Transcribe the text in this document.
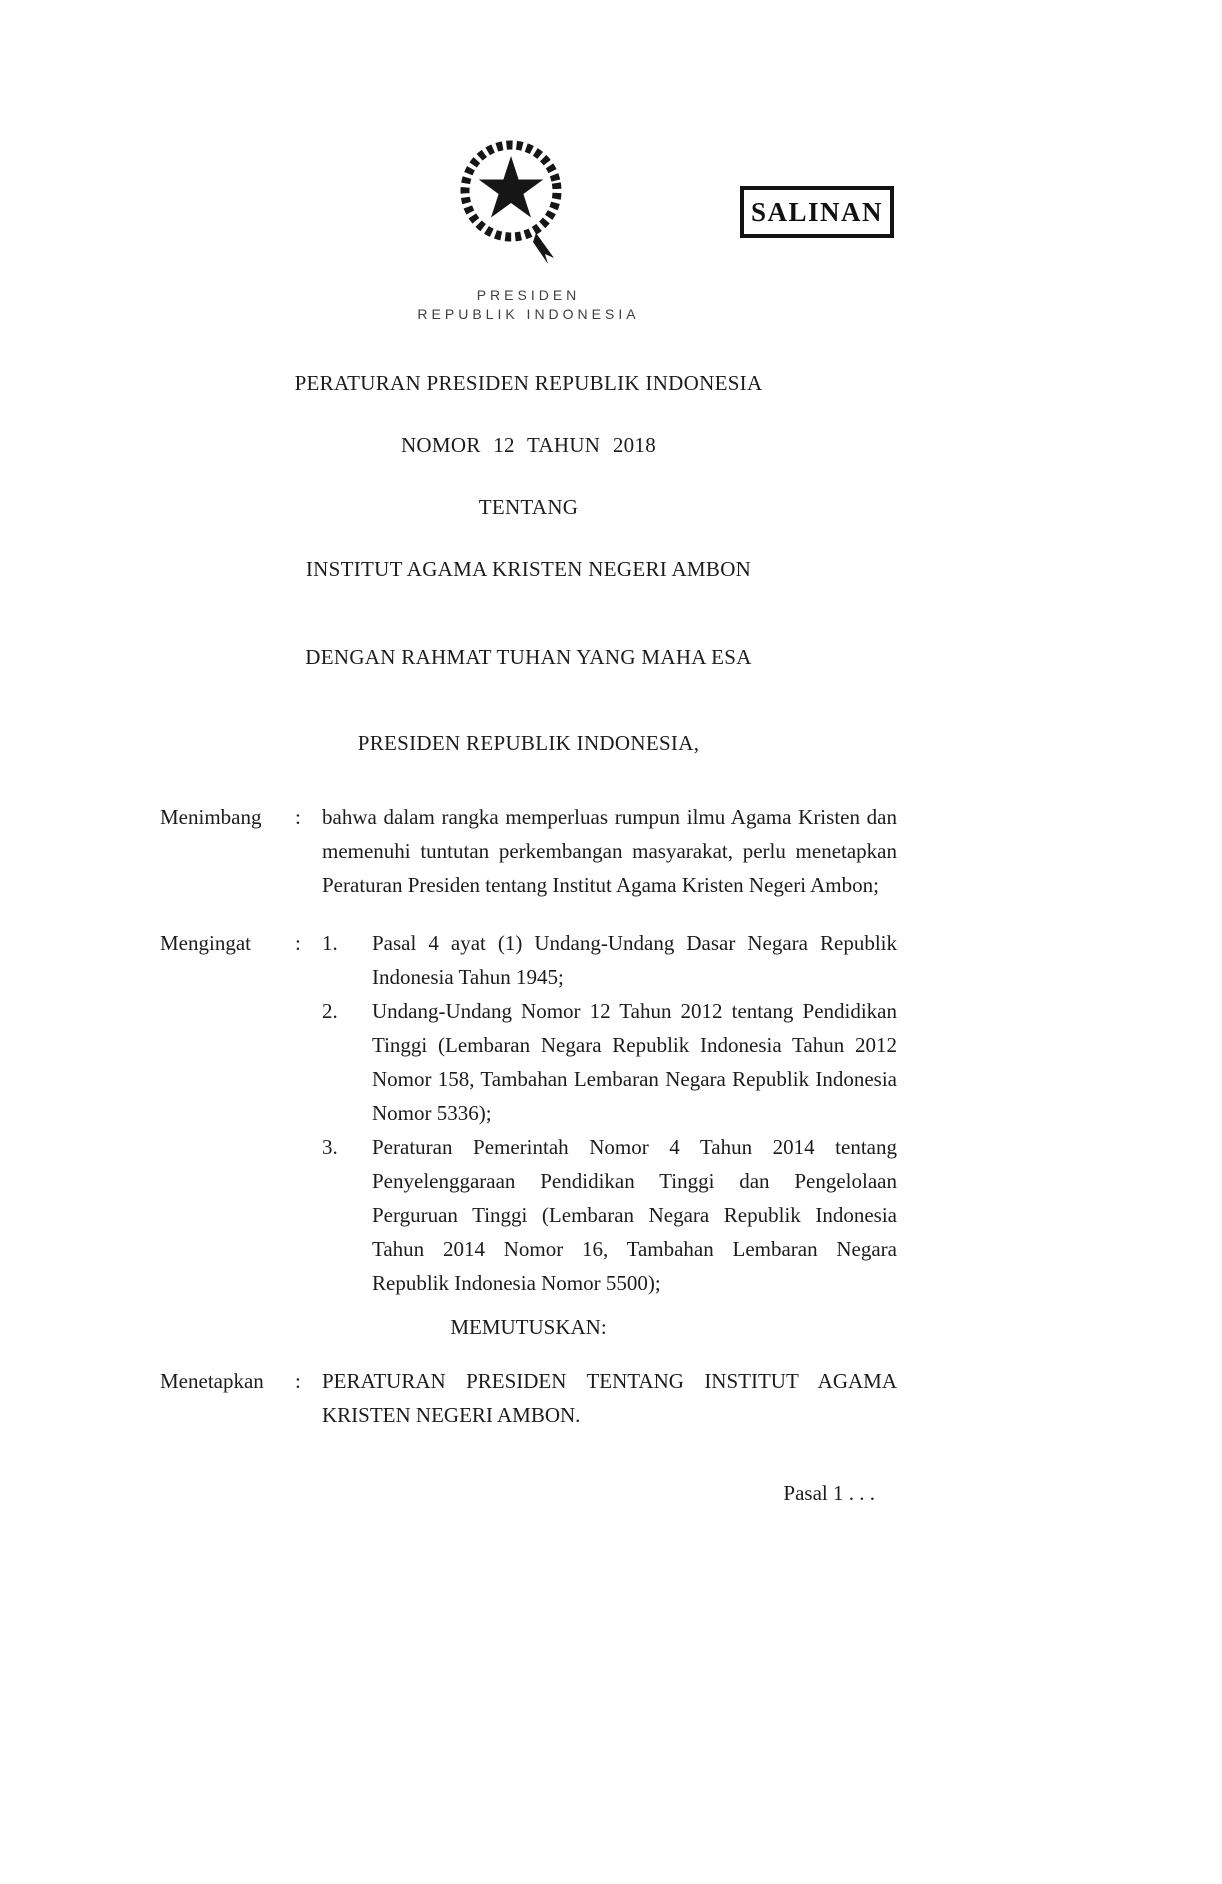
SALINAN
PRESIDEN
REPUBLIK INDONESIA
PERATURAN PRESIDEN REPUBLIK INDONESIA
NOMOR 12 TAHUN 2018
TENTANG
INSTITUT AGAMA KRISTEN NEGERI AMBON
DENGAN RAHMAT TUHAN YANG MAHA ESA
PRESIDEN REPUBLIK INDONESIA,
Menimbang	:	bahwa dalam rangka memperluas rumpun ilmu Agama Kristen dan memenuhi tuntutan perkembangan masyarakat, perlu menetapkan Peraturan Presiden tentang Institut Agama Kristen Negeri Ambon;
Mengingat	:	1.	Pasal 4 ayat (1) Undang-Undang Dasar Negara Republik Indonesia Tahun 1945;
2.	Undang-Undang Nomor 12 Tahun 2012 tentang Pendidikan Tinggi (Lembaran Negara Republik Indonesia Tahun 2012 Nomor 158, Tambahan Lembaran Negara Republik Indonesia Nomor 5336);
3.	Peraturan Pemerintah Nomor 4 Tahun 2014 tentang Penyelenggaraan Pendidikan Tinggi dan Pengelolaan Perguruan Tinggi (Lembaran Negara Republik Indonesia Tahun 2014 Nomor 16, Tambahan Lembaran Negara Republik Indonesia Nomor 5500);
MEMUTUSKAN:
Menetapkan	:	PERATURAN PRESIDEN TENTANG INSTITUT AGAMA KRISTEN NEGERI AMBON.
Pasal 1 . . .
